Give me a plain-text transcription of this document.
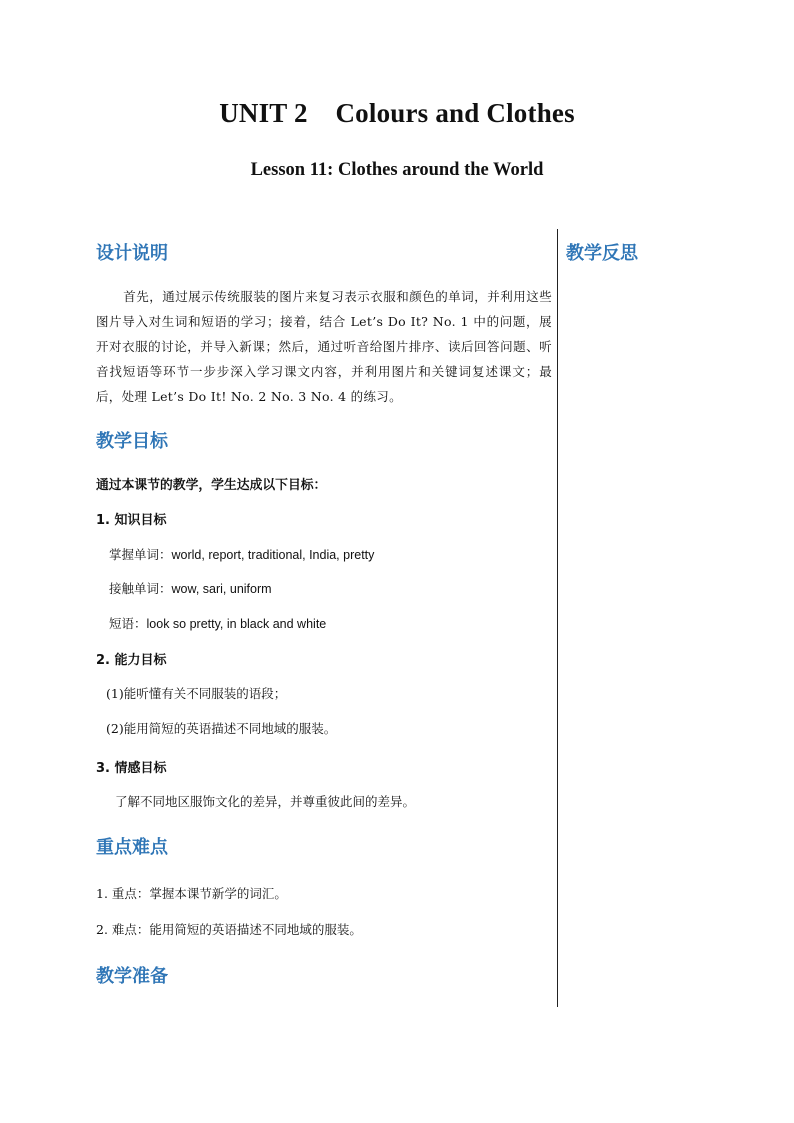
UNIT 2    Colours and Clothes
Lesson 11: Clothes around the World
教学反思
设计说明
首先，通过展示传统服装的图片来复习表示衣服和颜色的单词，并利用这些图片导入对生词和短语的学习；接着，结合 Let’s Do It? No. 1 中的问题，展开对衣服的讨论，并导入新课；然后，通过听音给图片排序、读后回答问题、听音找短语等环节一步步深入学习课文内容，并利用图片和关键词复述课文；最后，处理 Let’s Do It! No. 2 No. 3 No. 4 的练习。
教学目标
通过本课节的教学，学生达成以下目标：
1. 知识目标
掌握单词：world, report, traditional, India, pretty
接触单词：wow, sari, uniform
短语：look so pretty, in black and white
2. 能力目标
(1)能听懂有关不同服装的语段；
(2)能用简短的英语描述不同地域的服装。
3. 情感目标
了解不同地区服饰文化的差异，并尊重彼此间的差异。
重点难点
1. 重点：掌握本课节新学的词汇。
2. 难点：能用简短的英语描述不同地域的服装。
教学准备
